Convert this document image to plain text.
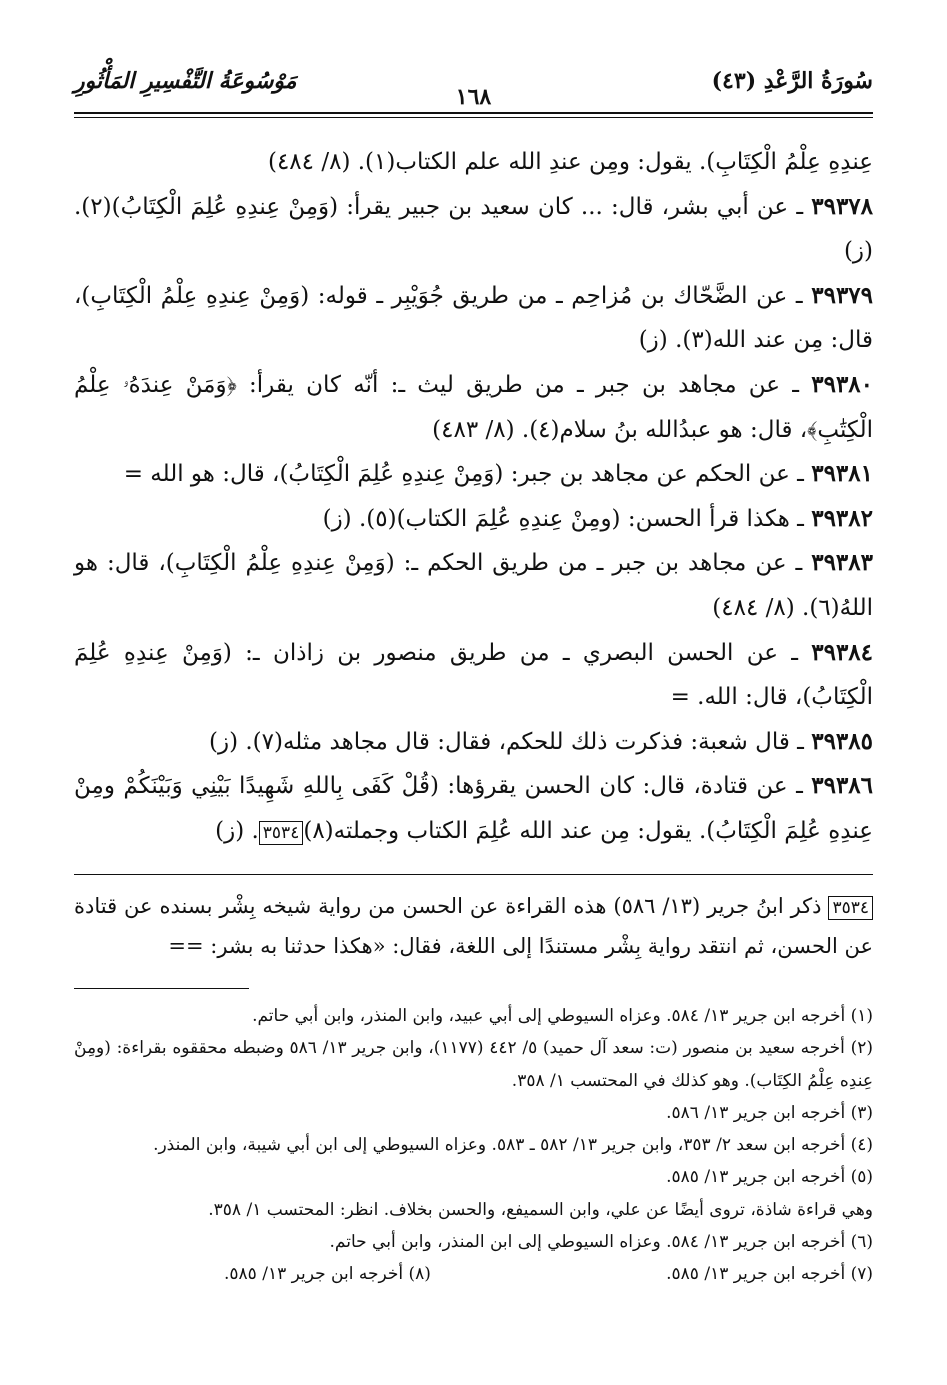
سُورَةُ الرَّعْدِ (٤٣)
١٦٨
مَوْسُوعَةُ التَّفْسِيرِ المَأْثُورِ

عِندِهِ عِلْمُ الْكِتَابِ). يقول: ومِن عندِ الله علم الكتاب(١). (٨/ ٤٨٤)

٣٩٣٧٨ ـ عن أبي بشر، قال: ... كان سعيد بن جبير يقرأ: (وَمِنْ عِندِهِ عُلِمَ الْكِتَابُ)(٢). (ز)

٣٩٣٧٩ ـ عن الضَّحّاك بن مُزاحِم ـ من طريق جُوَيْبِر ـ قوله: (وَمِنْ عِندِهِ عِلْمُ الْكِتَابِ)، قال: مِن عند الله(٣). (ز)

٣٩٣٨٠ ـ عن مجاهد بن جبر ـ من طريق ليث ـ: أنّه كان يقرأ: ﴿وَمَنْ عِندَهُۥ عِلْمُ الْكِتَٰبِ﴾، قال: هو عبدُالله بنُ سلام(٤). (٨/ ٤٨٣)

٣٩٣٨١ ـ عن الحكم عن مجاهد بن جبر: (وَمِنْ عِندِهِ عُلِمَ الْكِتَابُ)، قال: هو الله =

٣٩٣٨٢ ـ هكذا قرأ الحسن: (ومِنْ عِندِهِ عُلِمَ الكتاب)(٥). (ز)

٣٩٣٨٣ ـ عن مجاهد بن جبر ـ من طريق الحكم ـ: (وَمِنْ عِندِهِ عِلْمُ الْكِتَابِ)، قال: هو اللهُ(٦). (٨/ ٤٨٤)

٣٩٣٨٤ ـ عن الحسن البصري ـ من طريق منصور بن زاذان ـ: (وَمِنْ عِندِهِ عُلِمَ الْكِتَابُ)، قال: الله. =

٣٩٣٨٥ ـ قال شعبة: فذكرت ذلك للحكم، فقال: قال مجاهد مثله(٧). (ز)

٣٩٣٨٦ ـ عن قتادة، قال: كان الحسن يقرؤها: (قُلْ كَفَى بِاللهِ شَهِيدًا بَيْنِي وَبَيْنَكُمْ ومِنْ عِندِهِ عُلِمَ الْكِتَابُ). يقول: مِن عند الله عُلِمَ الكتاب وجملته(٨)٣٥٣٤. (ز)

٣٥٣٤ ذكر ابنُ جرير (١٣/ ٥٨٦) هذه القراءة عن الحسن من رواية شيخه بِشْر بسنده عن قتادة عن الحسن، ثم انتقد رواية بِشْر مستندًا إلى اللغة، فقال: «هكذا حدثنا به بشر: ==

(١) أخرجه ابن جرير ١٣/ ٥٨٤. وعزاه السيوطي إلى أبي عبيد، وابن المنذر، وابن أبي حاتم.

(٢) أخرجه سعيد بن منصور (ت: سعد آل حميد) ٥/ ٤٤٢ (١١٧٧)، وابن جرير ١٣/ ٥٨٦ وضبطه محققوه بقراءة: (ومِنْ عِندِه عِلْمُ الكِتَاب). وهو كذلك في المحتسب ١/ ٣٥٨.

(٣) أخرجه ابن جرير ١٣/ ٥٨٦.

(٤) أخرجه ابن سعد ٢/ ٣٥٣، وابن جرير ١٣/ ٥٨٢ ـ ٥٨٣. وعزاه السيوطي إلى ابن أبي شيبة، وابن المنذر.

(٥) أخرجه ابن جرير ١٣/ ٥٨٥.

وهي قراءة شاذة، تروى أيضًا عن علي، وابن السميفع، والحسن بخلاف. انظر: المحتسب ١/ ٣٥٨.

(٦) أخرجه ابن جرير ١٣/ ٥٨٤. وعزاه السيوطي إلى ابن المنذر، وابن أبي حاتم.

(٧) أخرجه ابن جرير ١٣/ ٥٨٥.
(٨) أخرجه ابن جرير ١٣/ ٥٨٥.
